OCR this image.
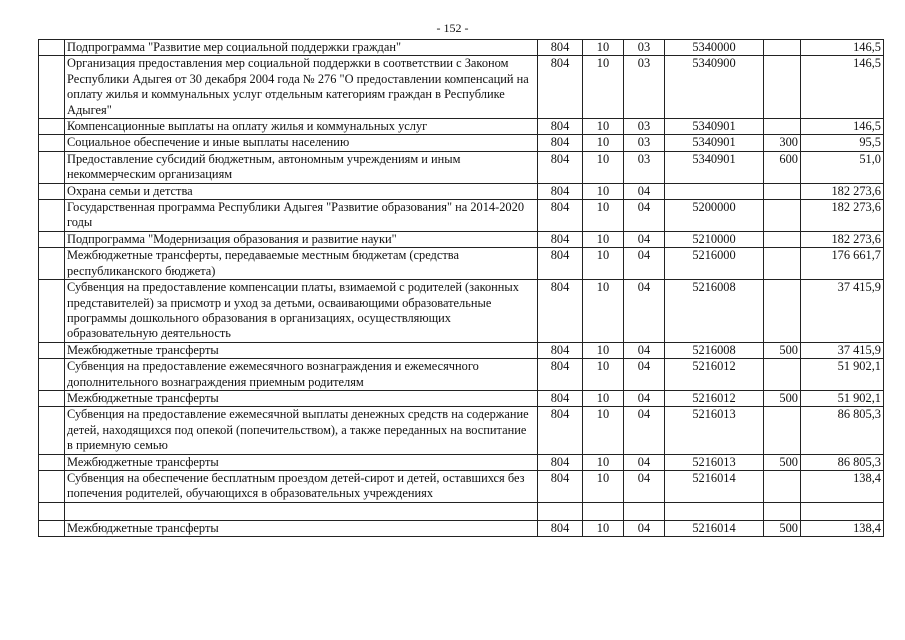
- 152 -
	Подпрограмма "Развитие мер социальной поддержки граждан"	804	10	03	5340000		146,5
	Организация предоставления мер социальной поддержки в соответствии с Законом Республики Адыгея от 30 декабря 2004 года № 276 "О предоставлении компенсаций на оплату жилья и коммунальных услуг отдельным категориям граждан в Республике Адыгея"	804	10	03	5340900		146,5
	Компенсационные выплаты на оплату жилья и коммунальных услуг	804	10	03	5340901		146,5
	Социальное обеспечение и иные выплаты населению	804	10	03	5340901	300	95,5
	Предоставление субсидий бюджетным, автономным учреждениям и иным некоммерческим организациям	804	10	03	5340901	600	51,0
	Охрана семьи и детства	804	10	04			182 273,6
	Государственная программа Республики Адыгея "Развитие образования" на 2014-2020 годы	804	10	04	5200000		182 273,6
	Подпрограмма "Модернизация образования и развитие науки"	804	10	04	5210000		182 273,6
	Межбюджетные трансферты, передаваемые местным бюджетам (средства республиканского бюджета)	804	10	04	5216000		176 661,7
	Субвенция на предоставление компенсации платы, взимаемой с родителей (законных представителей) за присмотр и уход за детьми, осваивающими образовательные программы дошкольного образования в организациях, осуществляющих образовательную деятельность	804	10	04	5216008		37 415,9
	Межбюджетные трансферты	804	10	04	5216008	500	37 415,9
	Субвенция на предоставление ежемесячного вознаграждения и ежемесячного дополнительного вознаграждения приемным родителям	804	10	04	5216012		51 902,1
	Межбюджетные трансферты	804	10	04	5216012	500	51 902,1
	Субвенция на предоставление ежемесячной выплаты денежных средств на содержание детей, находящихся под опекой (попечительством), а также переданных на воспитание в приемную семью	804	10	04	5216013		86 805,3
	Межбюджетные трансферты	804	10	04	5216013	500	86 805,3
	Субвенция на обеспечение бесплатным проездом детей-сирот и детей, оставшихся без попечения родителей, обучающихся в образовательных учреждениях	804	10	04	5216014		138,4

	Межбюджетные трансферты	804	10	04	5216014	500	138,4
